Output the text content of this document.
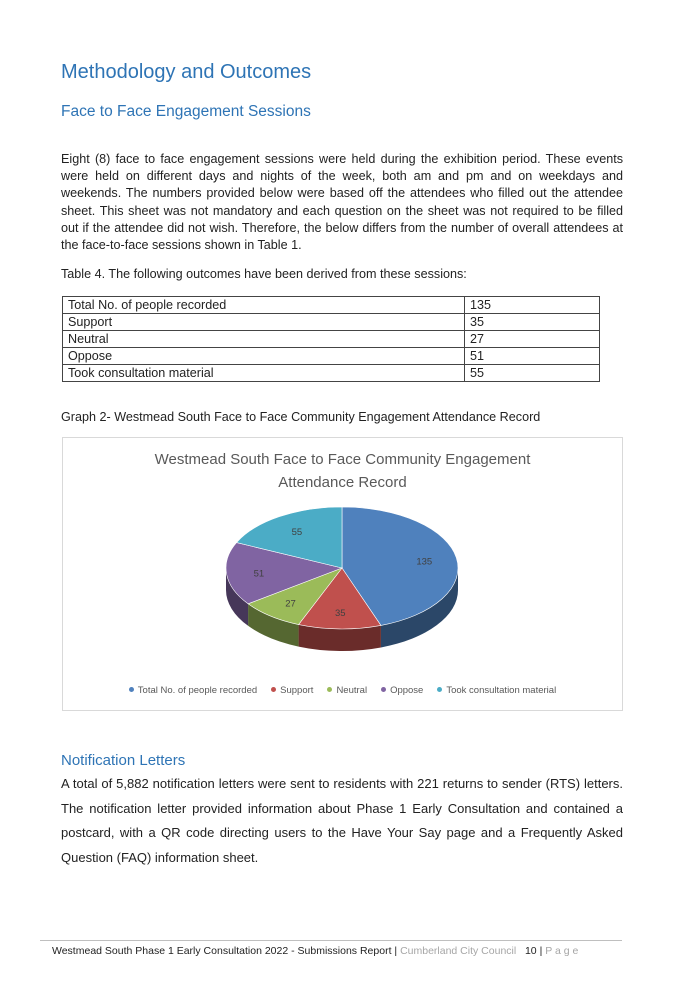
Methodology and Outcomes
Face to Face Engagement Sessions
Eight (8) face to face engagement sessions were held during the exhibition period. These events were held on different days and nights of the week, both am and pm and on weekdays and weekends. The numbers provided below were based off the attendees who filled out the attendee sheet. This sheet was not mandatory and each question on the sheet was not required to be filled out if the attendee did not wish. Therefore, the below differs from the number of overall attendees at the face-to-face sessions shown in Table 1.
Table 4. The following outcomes have been derived from these sessions:
Total No. of people recorded	135
Support	35
Neutral	27
Oppose	51
Took consultation material	55
Graph 2- Westmead South Face to Face Community Engagement Attendance Record
Westmead South Face to Face Community Engagement
Attendance Record
135
35
27
51
55
Total No. of people recorded Support Neutral Oppose Took consultation material
Notification Letters
A total of 5,882 notification letters were sent to residents with 221 returns to sender (RTS) letters. The notification letter provided information about Phase 1 Early Consultation and contained a postcard, with a QR code directing users to the Have Your Say page and a Frequently Asked Question (FAQ) information sheet.
Westmead South Phase 1 Early Consultation 2022 - Submissions Report | Cumberland City Council 10 | P a g e
